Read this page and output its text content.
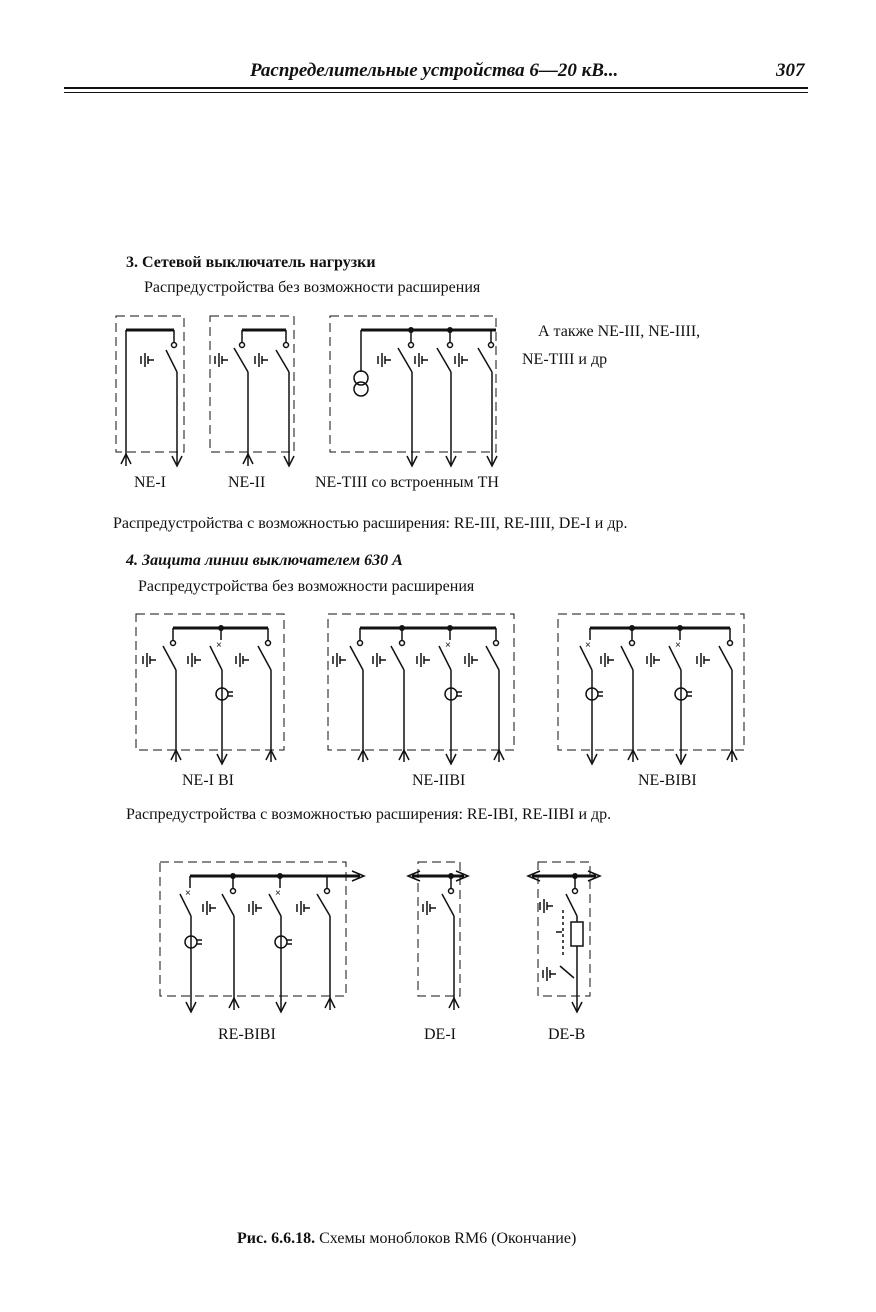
Распределительные устройства 6—20 кВ...	307
3. Сетевой выключатель нагрузки
Распредустройства без возможности расширения
А также NE-III, NE-IIII,
NE-TIII и др
NE-I	NE-II	NE-TIII со встроенным ТН
Распредустройства с возможностью расширения: RE-III, RE-IIII, DE-I и др.
4. Защита линии выключателем 630 А
Распредустройства без возможности расширения
NE-I BI	NE-IIBI	NE-BIBI
Распредустройства с возможностью расширения: RE-IBI, RE-IIBI и др.
RE-BIBI	DE-I	DE-B
Рис. 6.6.18. Схемы моноблоков RM6 (Окончание)
×	×	×	×
×	×
